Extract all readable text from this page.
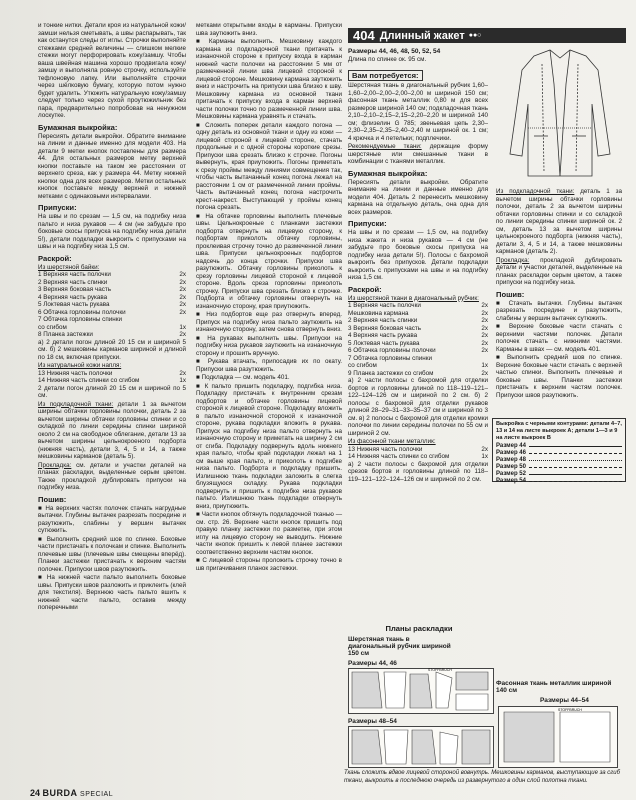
и тонкие нитки. Детали кроя из натуральной кожи/замши нельзя сметывать, а швы распарывать, так как останутся следы от иглы. Строчки выполняйте стежками средней величины — слишком мелкие стежки могут перфорировать кожу/замшу. Чтобы ваша швейная машина хорошо продвигала кожу/замшу и выполняла ровную строчку, используйте тефлоновую лапку. Или выполняйте строчки через шёлковую бумагу, которую потом нужно будет удалить. Утюжить натуральную кожу/замшу следует только через сухой проутюжильник без пара, предварительно попробовав на ненужном лоскутке.

Бумажная выкройка:

Пересиять детали выкройки. Обратите внимание на линии и данные именно для модели 403. На детали 9 метки кнопок поставлены для размера 44. Для остальных размеров метку верхней кнопки поставьте на таком же расстоянии от верхнего среза, как у размера 44. Метку нижней кнопки одна для всех размеров. Метки остальных кнопок поставьте между верхней и нижней метками с одинаковыми интервалами.

Припуски:

На швы и по срезам — 1,5 см, на подгибку низа пальто и низа рукавов — 4 см (не забудьте про боковые скосы припуска на подгибку низа детали 5!), детали подкладки выкроить с припусками на швы и на подгибку низа 1,5 см.

Раскрой:
Из шерстяной байки:
1 Верхняя часть полочки	2x
2 Верхняя часть спинки	2x
3 Верхняя боковая часть	2x
4 Верхняя часть рукава	2x
5 Локтевая часть рукава	2x
6 Обтачка горловины полочки	2x
7 Обтачка горловины спинки
со сгибом	1x
8 Планка застежки	2x

а) 2 детали погон длиной 20 15 см и шириной 5 см. б) 2 мешковины карманов шириной и длиной по 18 см, включая припуски.

Из натуральной кожи напля:
13 Нижняя часть полочки	2x
14 Нижняя часть спинки со сгибом	1x

2 детали погон длиной 20 15 см и шириной по 5 см.

Из подкладочной ткани: детали 1 за вычетом ширины обтачки горловины полочки, деталь 2 за вычетом ширины обтачки горловины спинки и со складкой по линии середины спинки шириной около 2 см на свободное облегание, детали 13 за вычетом ширины цельнокроеного подборта (нижняя часть), детали 3, 4, 5 и 14, а также мешковины карманов (деталь 5).

Прокладка: см. детали и участки деталей на планах раскладки, выделенные серым цветом. Также прокладкой дублировать припуски на подгибку низа.

Пошив:

■ На верхних частях полочек стачать нагрудные вытачки. Глубины вытачек разрезать посредине и разутюжить, слабины у вершин вытачек сутюжить.

■ Выполнить средний шов по спинке. Боковые части пристачать к полочкам и спинке. Выполнить плечевые швы (плечевые швы смещены вперёд). Планки застежки пристачать к верхним частям полочек. Припуски швов разутюжить.

■ На нижней части пальто выполнить боковые швы. Припуски швов разложить и приклеить (клей для текстиля). Верхнюю часть пальто вшить к нижней части пальто, оставив между поперечными

метками открытыми входы в карманы. Припуски шва заутюжить вниз.

■ Карманы выполнить. Мешковину каждого кармана из подкладочной ткани притачать к изнаночной стороне к припуску входа в карман нижней части полочки на расстоянии 5 мм от размеченной линии шва лицевой стороной к лицевой стороне. Мешковину кармана заутюжить вниз и настрочить на припуски шва близко к шву. Мешковину кармана из основной ткани притачать к припуску входа в карман верхней части полочки точно по размеченной линии шва. Мешковины кармана уравнять и стачать.

■ Сложить поперек детали каждого погона — одну деталь из основной ткани и одну из кожи — лицевой стороной к лицевой стороне, стачать продольные и с одной стороны короткие срезы. Припуски шва срезать близко к строчке. Погоны вывернуть, края приутюжить. Погоны приметать к срезу проймы между линиями совмещения так, чтобы часть вытачанный конец погона лежал на расстоянии 1 см от размеченной линии проймы. Часть вытачанный конец погона настрочить крест-накрест. Выступающий у проймы конец погона срезать.

■ На обтачке горловины выполнить плечевые швы. Цельнокроеные с планками застежки подборта отвернуть на лицевую сторону, к подбортам приколоть обтачку горловины, проклеивая строчку точно до размеченной линии шва. Припуски цельнокроеных подбортов надсечь до конца строчки. Припуски шва разутюжить. Обтачку горловины приколоть к срезу горловины лицевой стороной к лицевой стороне. Вдоль среза горловины приколоть строчку. Припуски шва срезать близко к строчке. Подборта и обтачку горловины отвернуть на изнаночную сторону, края приутюжить.

■ Низ подбортов еще раз отвернуть вперед. Припуск на подгибку низа пальто заутюжить на изнаночную сторону, затем снова отвернуть вниз.

■ На рукавах выполнить швы. Припуски на подгибку низа рукавов заутюжить на изнаночную сторону и прошить вручную.

■ Рукава втачать, припосадив их по окату. Припуски шва разутюжить.

■ Подкладка — см. модель 401.

■ К пальто пришить подкладку, подгибка низа. Подкладку пристачать к внутренним срезам подбортов и обтачке горловины лицевой стороной к лицевой стороне. Подкладку вложить в пальто изнаночной стороной к изнаночной стороне, рукава подкладки вложить в рукава. Припуск на подгибку низа пальто отвернуть на изнаночную сторону и приметать на ширину 2 см от сгиба. Подкладку подвернуть вдоль нижнего края пальто, чтобы край подкладки лежал на 1 см выше края пальто, и приколоть к подгибке низа пальто. Подборта и подкладку пришить. Излишнюю ткань подкладки заложить в слегка блузящуюся складку. Рукава подкладки подвернуть и пришить к подгибке низа рукавов пальто. Излишнюю ткань подкладки отвернуть вниз, приутюжить.

■ Части кнопок обтянуть подкладочной тканью — см. стр. 26. Верхние части кнопок пришить под правую планку застежки по разметке, при этом иглу на лицевую сторону не выводить. Нижние части кнопок пришить к левой планке застежки соответственно верхним частям кнопок.

■ С лицевой стороны проложить строчку точно в шв пригачивания планок застежки.

404 Длинный жакет ●●○
Размеры 44, 46, 48, 50, 52, 54
Длина по спинке ок. 95 см.
Вам потребуется:

Шерстяная ткань в диагональный рубчик 1,60–1,60–2,00–2,00–2,00–2,00 м шириной 150 см; фасонная ткань металлик 0,80 м для всех размеров шириной 140 см; подкладочная ткань 2,10–2,10–2,15–2,15–2,20–2,20 м шириной 140 см; флизелин G 785; звеньевая цепь 2,30–2,30–2,35–2,35–2,40–2,40 м шириной ок. 1 см; 4 крючка и 4 петельки; подплечики.

Рекомендуемые ткани: держащие форму шерстяные или смешанные ткани в комбинации с тканями металлик.

Бумажная выкройка:

Пересиять детали выкройки. Обратите внимание на линии и данные именно для модели 404. Деталь 2 перенесить мешковину кармана на отдельную деталь, она одна для всех размеров.

Припуски:

На швы и по срезам — 1,5 см, на подгибку низа жакета и низа рукавов — 4 см (не забудьте про боковые скосы припуска на подгибку низа детали 5!). Полосы с бахромой выкроить без припусков. Детали подкладки выкроить с припусками на швы и на подгибку низа 1,5 см.

Раскрой:
Из шерстяной ткани в диагональный рубчик:
1 Верхняя часть полочки	2x
Мешковина кармана	2x
2 Верхняя часть спинки	2x
3 Верхняя боковая часть	2x
4 Верхняя часть рукава	2x
5 Локтевая часть рукава	2x
6 Обтачка горловины полочки	2x
7 Обтачка горловины спинки
со сгибом	1x
9 Планка застежки со сгибом	2x

а) 2 части полосы с бахромой для отделки бортов и горловины длиной по 118–119–121–122–124–126 см и шириной по 2 см. б) 2 полосы с бахромой для отделки рукавов длиной 28–29–31–33–35–37 см и шириной по 3 см. в) 2 полосы с бахромой для отделки кромки полочки по линии середины полочки по 55 см и шириной 2 см.

Из фасонной ткани металлик:
13 Нижняя часть полочки	2x
14 Нижняя часть спинки со сгибом	1x

а) 2 части полосы с бахромой для отделки срезов бортов и горловины длиной по 118–119–121–122–124–126 см и шириной по 2 см.

Из подкладочной ткани: деталь 1 за вычетом ширины обтачки горловины полочки, деталь 2 за вычетом ширины обтачки горловины спинки и со складкой по линии середины спинки шириной ок. 2 см, деталь 13 за вычетом ширины цельнокроеного подборта (нижняя часть), детали 3, 4, 5 и 14, а также мешковины карманов (деталь 2).

Прокладка: прокладкой дублировать детали и участки деталей, выделенные на планах раскладки серым цветом, а также припуски на подгибку низа.

Пошив:

■ Стачать вытачки. Глубины вытачек разрезать посредине и разутюжить, слабины у вершин вытачек сутюжить.

■ Верхние боковые части стачать с верхними частями полочек. Детали полочек стачать с нижними частями. Карманы в швах — см. модель 401.

■ Выполнить средний шов по спинке. Верхние боковые части стачать с верхней частью спинки. Выполнить плечевые и боковые швы. Планки застежки пристачать к верхним частям полочек. Припуски швов разутюжить.

Выкройка с черными контурами: детали 4–7, 13 и 14 на листе выкроек А; детали 1—3 и 9 на листе выкроек В
Размер 44
Размер 46
Размер 48
Размер 50
Размер 52
Размер 54
Планы раскладки
Шерстяная ткань в диагональный рубчик шириной 150 см
Размеры 44, 46
STOFFBRUCH
Размеры 48–54
Фасонная ткань металлик шириной 140 см
Размеры 44–54
STOFFBRUCH
Ткань сложить вдвое лицевой стороной вовнутрь. Мешковины карманов, выступающие за сгиб ткани, выкроить в последнюю очередь из развернутого в один слой полотна ткани.
24 BURDA SPECIAL
